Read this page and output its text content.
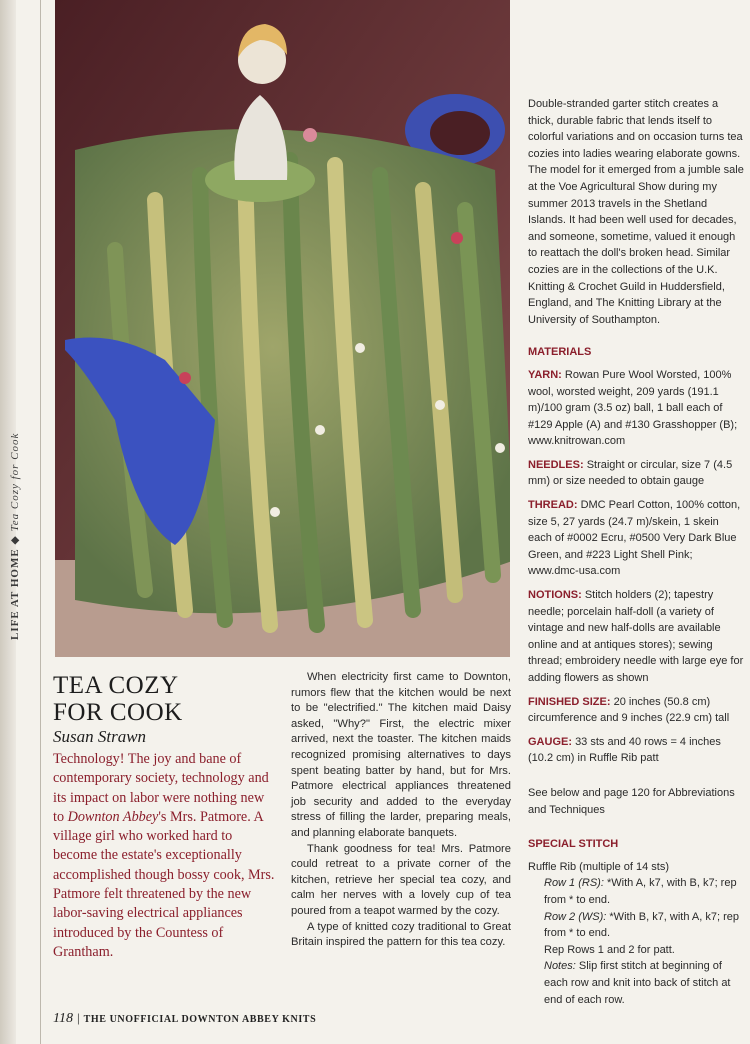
LIFE AT HOME ◆ Tea Cozy for Cook

Double-stranded garter stitch creates a thick, durable fabric that lends itself to colorful variations and on occasion turns tea cozies into ladies wearing elaborate gowns. The model for it emerged from a jumble sale at the Voe Agricultural Show during my summer 2013 travels in the Shetland Islands. It had been well used for decades, and someone, sometime, valued it enough to reattach the doll's broken head. Similar cozies are in the collections of the U.K. Knitting & Crochet Guild in Huddersfield, England, and The Knitting Library at the University of Southampton.

MATERIALS

YARN: Rowan Pure Wool Worsted, 100% wool, worsted weight, 209 yards (191.1 m)/100 gram (3.5 oz) ball, 1 ball each of #129 Apple (A) and #130 Grasshopper (B); www.knitrowan.com

NEEDLES: Straight or circular, size 7 (4.5 mm) or size needed to obtain gauge

THREAD: DMC Pearl Cotton, 100% cotton, size 5, 27 yards (24.7 m)/skein, 1 skein each of #0002 Ecru, #0500 Very Dark Blue Green, and #223 Light Shell Pink; www.dmc-usa.com

NOTIONS: Stitch holders (2); tapestry needle; porcelain half-doll (a variety of vintage and new half-dolls are available online and at antiques stores); sewing thread; embroidery needle with large eye for adding flowers as shown

FINISHED SIZE: 20 inches (50.8 cm) circumference and 9 inches (22.9 cm) tall

GAUGE: 33 sts and 40 rows = 4 inches (10.2 cm) in Ruffle Rib patt

See below and page 120 for Abbreviations and Techniques

SPECIAL STITCH

Ruffle Rib (multiple of 14 sts)

Row 1 (RS): *With A, k7, with B, k7; rep from * to end.

Row 2 (WS): *With B, k7, with A, k7; rep from * to end.

Rep Rows 1 and 2 for patt.

Notes: Slip first stitch at beginning of each row and knit into back of stitch at end of each row.

TEA COZY
FOR COOK
Susan Strawn
Technology! The joy and bane of contemporary society, technology and its impact on labor were nothing new to Downton Abbey's Mrs. Patmore. A village girl who worked hard to become the estate's exceptionally accomplished though bossy cook, Mrs. Patmore felt threatened by the new labor-saving electrical appliances introduced by the Countess of Grantham.

When electricity first came to Downton, rumors flew that the kitchen would be next to be "electrified." The kitchen maid Daisy asked, "Why?" First, the electric mixer arrived, next the toaster. The kitchen maids recognized promising alternatives to days spent beating batter by hand, but for Mrs. Patmore electrical appliances threatened job security and added to the everyday stress of filling the larder, preparing meals, and planning elaborate banquets.

Thank goodness for tea! Mrs. Patmore could retreat to a private corner of the kitchen, retrieve her special tea cozy, and calm her nerves with a lovely cup of tea poured from a teapot warmed by the cozy.

A type of knitted cozy traditional to Great Britain inspired the pattern for this tea cozy.

118 | THE UNOFFICIAL DOWNTON ABBEY KNITS
